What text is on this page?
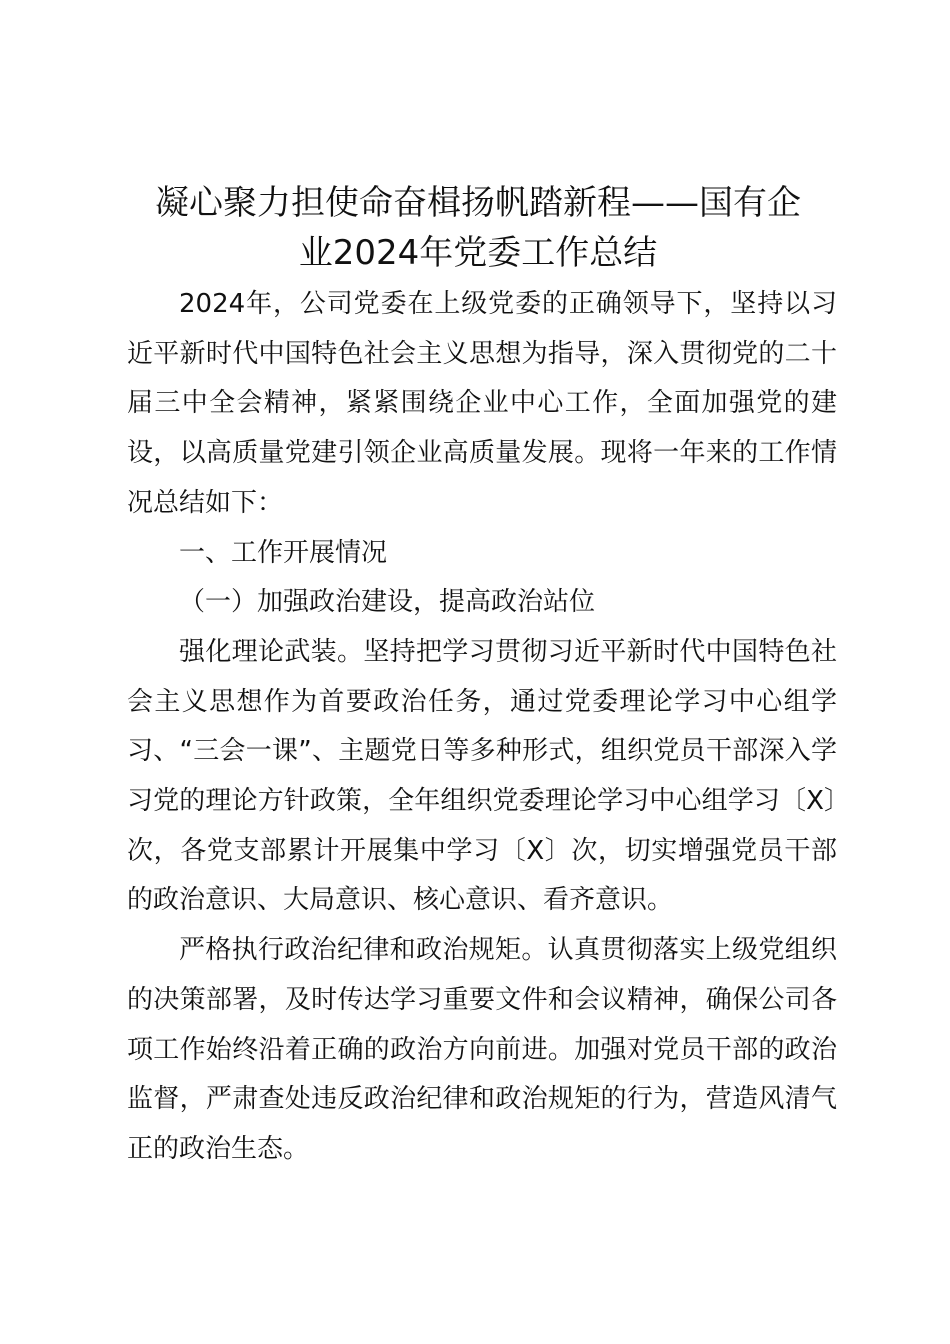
凝心聚力担使命奋楫扬帆踏新程——国有企
业2024年党委工作总结

2024年，公司党委在上级党委的正确领导下，坚持以习近平新时代中国特色社会主义思想为指导，深入贯彻党的二十届三中全会精神，紧紧围绕企业中心工作，全面加强党的建设，以高质量党建引领企业高质量发展。现将一年来的工作情况总结如下：

一、工作开展情况

（一）加强政治建设，提高政治站位

强化理论武装。坚持把学习贯彻习近平新时代中国特色社会主义思想作为首要政治任务，通过党委理论学习中心组学习、“三会一课”、主题党日等多种形式，组织党员干部深入学习党的理论方针政策，全年组织党委理论学习中心组学习〔X〕次，各党支部累计开展集中学习〔X〕次，切实增强党员干部的政治意识、大局意识、核心意识、看齐意识。

严格执行政治纪律和政治规矩。认真贯彻落实上级党组织的决策部署，及时传达学习重要文件和会议精神，确保公司各项工作始终沿着正确的政治方向前进。加强对党员干部的政治监督，严肃查处违反政治纪律和政治规矩的行为，营造风清气正的政治生态。
